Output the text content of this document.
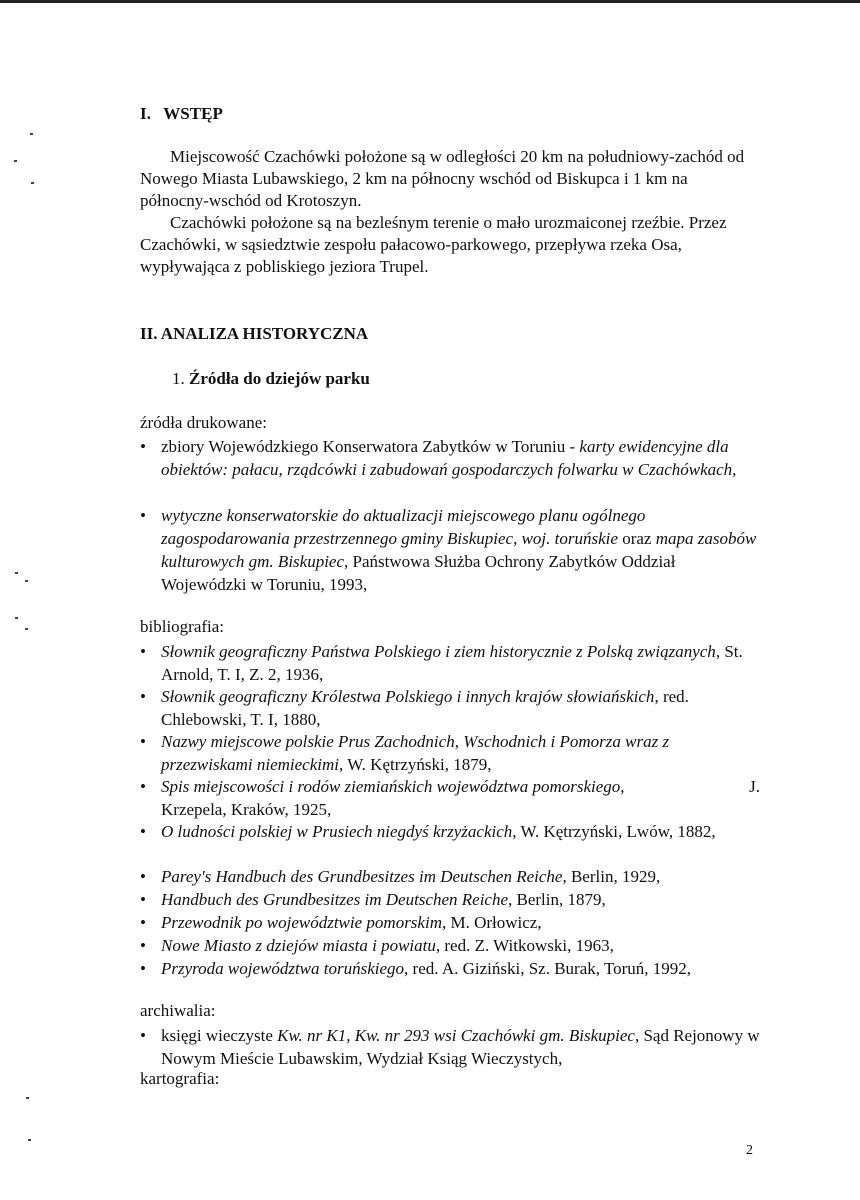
I.   WSTĘP
Miejscowość Czachówki położone są w odległości 20 km na południowy-zachód od Nowego Miasta Lubawskiego, 2 km na północny wschód od Biskupca i 1 km na północny-wschód od Krotoszyn.
Czachówki położone są na bezleśnym terenie o mało urozmaiconej rzeźbie. Przez Czachówki, w sąsiedztwie zespołu pałacowo-parkowego, przepływa rzeka Osa, wypływająca z pobliskiego jeziora Trupel.
II. ANALIZA HISTORYCZNA
1. Źródła do dziejów parku
źródła drukowane:
• zbiory Wojewódzkiego Konserwatora Zabytków w Toruniu - karty ewidencyjne dla obiektów: pałacu, rządcówki i zabudowań gospodarczych folwarku w Czachówkach,
• wytyczne konserwatorskie do aktualizacji miejscowego planu ogólnego zagospodarowania przestrzennego gminy Biskupiec, woj. toruńskie oraz mapa zasobów kulturowych gm. Biskupiec, Państwowa Służba Ochrony Zabytków Oddział Wojewódzki w Toruniu, 1993,
bibliografia:
• Słownik geograficzny Państwa Polskiego i ziem historycznie z Polską związanych, St. Arnold, T. I, Z. 2, 1936,
• Słownik geograficzny Królestwa Polskiego i innych krajów słowiańskich, red. Chlebowski, T. I, 1880,
• Nazwy miejscowe polskie Prus Zachodnich, Wschodnich i Pomorza wraz z przezwiskami niemieckimi, W. Kętrzyński, 1879,
•	J.
Spis miejscowości i rodów ziemiańskich województwa pomorskiego,
Krzepela, Kraków, 1925,
• O ludności polskiej w Prusiech niegdyś krzyżackich, W. Kętrzyński, Lwów, 1882,
• Parey's Handbuch des Grundbesitzes im Deutschen Reiche, Berlin, 1929,
• Handbuch des Grundbesitzes im Deutschen Reiche, Berlin, 1879,
• Przewodnik po województwie pomorskim, M. Orłowicz,
• Nowe Miasto z dziejów miasta i powiatu, red. Z. Witkowski, 1963,
• Przyroda województwa toruńskiego, red. A. Giziński, Sz. Burak, Toruń, 1992,
archiwalia:
• księgi wieczyste Kw. nr K1, Kw. nr 293 wsi Czachówki gm. Biskupiec, Sąd Rejonowy w Nowym Mieście Lubawskim, Wydział Ksiąg Wieczystych,
kartografia:
2
